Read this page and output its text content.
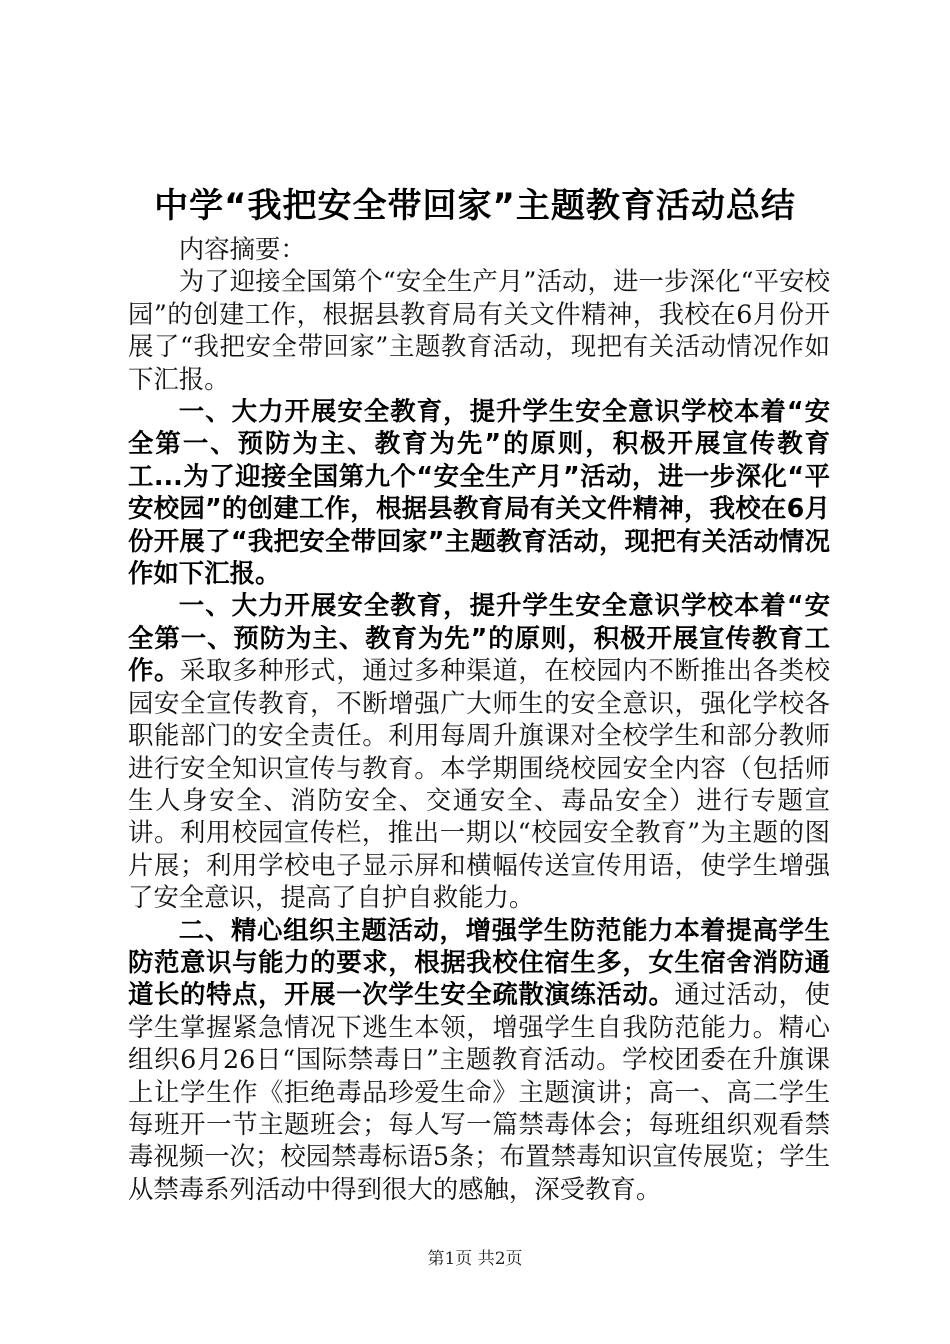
中学“我把安全带回家”主题教育活动总结

内容摘要：

为了迎接全国第个“安全生产月”活动，进一步深化“平安校园”的创建工作，根据县教育局有关文件精神，我校在6月份开展了“我把安全带回家”主题教育活动，现把有关活动情况作如下汇报。

一、大力开展安全教育，提升学生安全意识学校本着“安全第一、预防为主、教育为先”的原则，积极开展宣传教育工...为了迎接全国第九个“安全生产月”活动，进一步深化“平安校园”的创建工作，根据县教育局有关文件精神，我校在6月份开展了“我把安全带回家”主题教育活动，现把有关活动情况作如下汇报。

一、大力开展安全教育，提升学生安全意识学校本着“安全第一、预防为主、教育为先”的原则，积极开展宣传教育工作。采取多种形式，通过多种渠道，在校园内不断推出各类校园安全宣传教育，不断增强广大师生的安全意识，强化学校各职能部门的安全责任。利用每周升旗课对全校学生和部分教师进行安全知识宣传与教育。本学期围绕校园安全内容（包括师生人身安全、消防安全、交通安全、毒品安全）进行专题宣讲。利用校园宣传栏，推出一期以“校园安全教育”为主题的图片展；利用学校电子显示屏和横幅传送宣传用语，使学生增强了安全意识，提高了自护自救能力。

二、精心组织主题活动，增强学生防范能力本着提高学生防范意识与能力的要求，根据我校住宿生多，女生宿舍消防通道长的特点，开展一次学生安全疏散演练活动。通过活动，使学生掌握紧急情况下逃生本领，增强学生自我防范能力。精心组织6月26日“国际禁毒日”主题教育活动。学校团委在升旗课上让学生作《拒绝毒品珍爱生命》主题演讲；高一、高二学生每班开一节主题班会；每人写一篇禁毒体会；每班组织观看禁毒视频一次；校园禁毒标语5条；布置禁毒知识宣传展览；学生从禁毒系列活动中得到很大的感触，深受教育。

第1页 共2页
